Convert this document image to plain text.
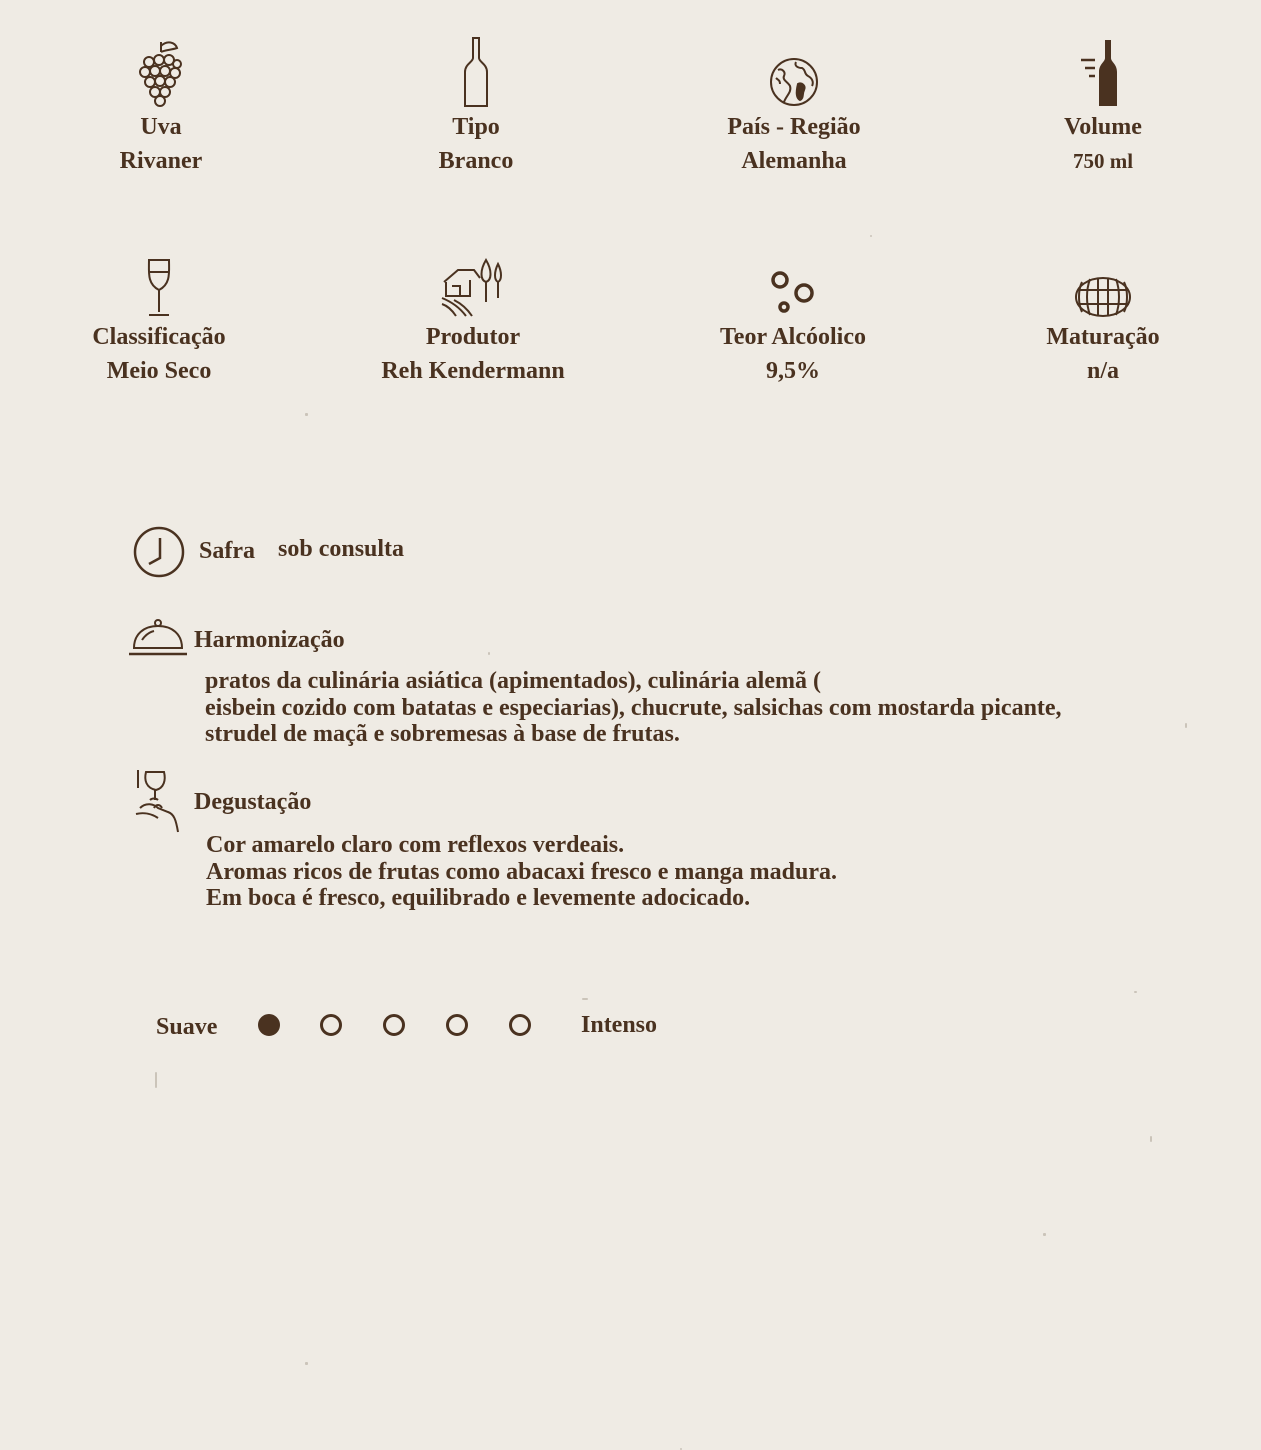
Uva
Rivaner
Tipo
Branco
País - Região
Alemanha
Volume
750 ml
Classificação
Meio Seco
Produtor
Reh Kendermann
Teor Alcóolico
9,5%
Maturação
n/a
Safra sob consulta
Harmonização
pratos da culinária asiática (apimentados), culinária alemã (
eisbein cozido com batatas e especiarias), chucrute, salsichas com mostarda picante,
strudel de maçã e sobremesas à base de frutas.
Degustação
Cor amarelo claro com reflexos verdeais.
Aromas ricos de frutas como abacaxi fresco e manga madura.
Em boca é fresco, equilibrado e levemente adocicado.
Suave	Intenso
